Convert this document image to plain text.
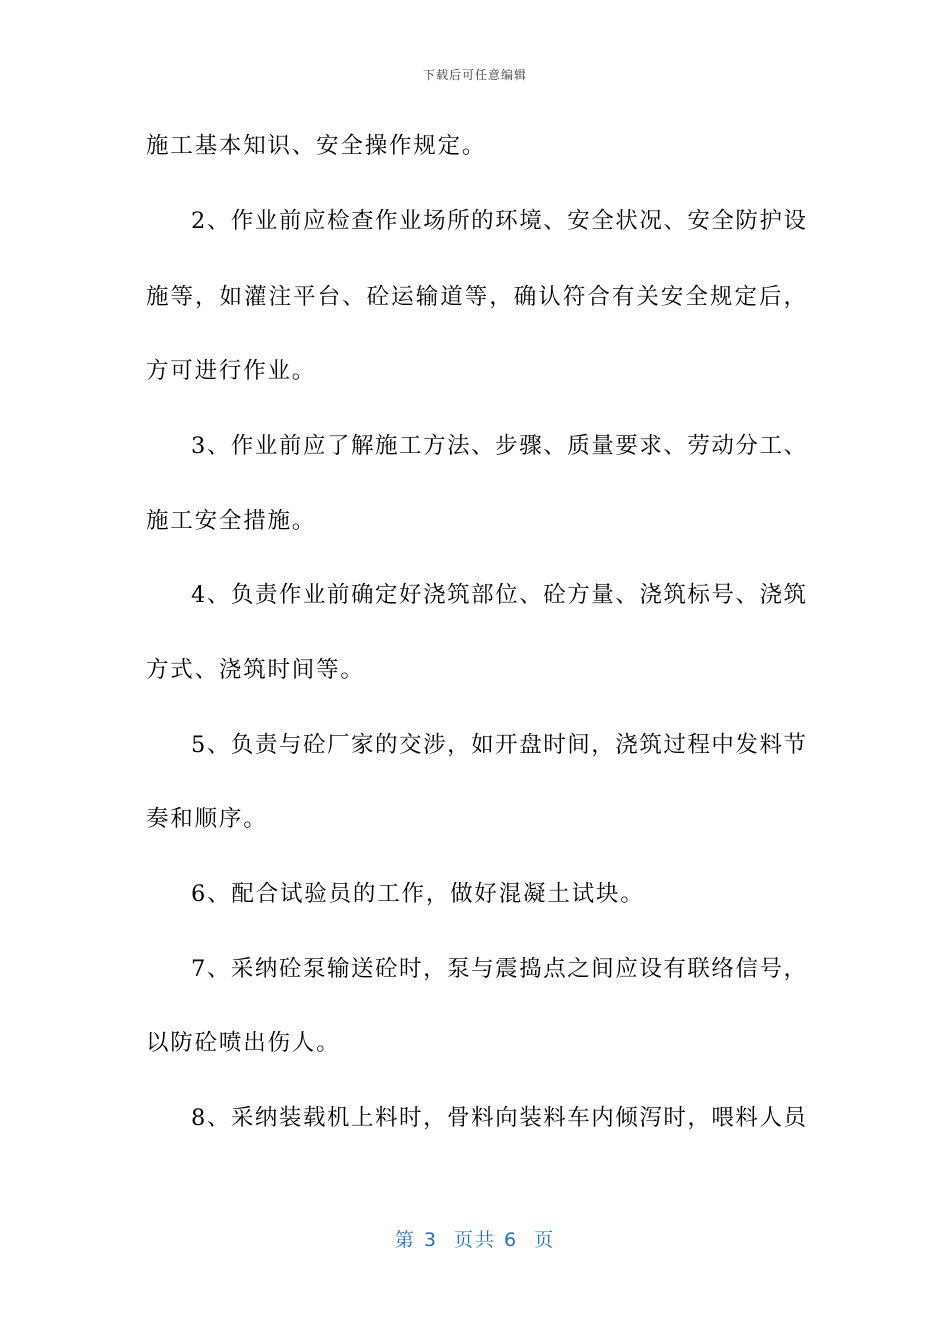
下载后可任意编辑
施工基本知识、安全操作规定。
2、作业前应检查作业场所的环境、安全状况、安全防护设
施等，如灌注平台、砼运输道等，确认符合有关安全规定后，
方可进行作业。
3、作业前应了解施工方法、步骤、质量要求、劳动分工、
施工安全措施。
4、负责作业前确定好浇筑部位、砼方量、浇筑标号、浇筑
方式、浇筑时间等。
5、负责与砼厂家的交涉，如开盘时间，浇筑过程中发料节
奏和顺序。
6、配合试验员的工作，做好混凝土试块。
7、采纳砼泵输送砼时，泵与震捣点之间应设有联络信号，
以防砼喷出伤人。
8、采纳装载机上料时，骨料向装料车内倾泻时，喂料人员
第 3  页共 6  页
